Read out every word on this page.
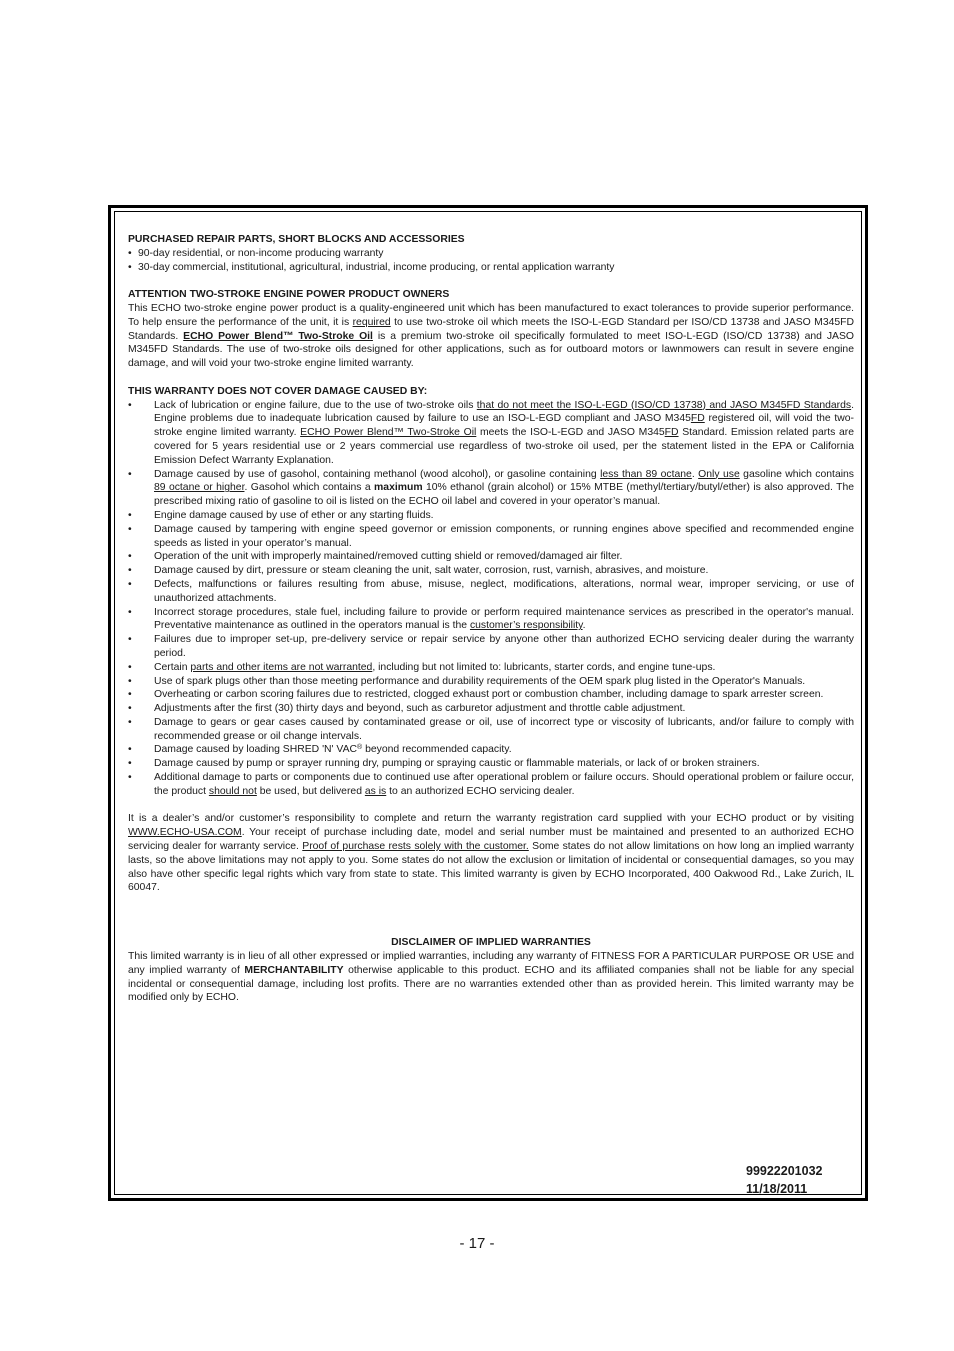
PURCHASED REPAIR PARTS, SHORT BLOCKS AND ACCESSORIES

• 90-day residential, or non-income producing warranty
• 30-day commercial, institutional, agricultural, industrial, income producing, or rental application warranty

ATTENTION TWO-STROKE ENGINE POWER PRODUCT OWNERS

This ECHO two-stroke engine power product is a quality-engineered unit which has been manufactured to exact tolerances to provide superior performance. To help ensure the performance of the unit, it is required to use two-stroke oil which meets the ISO-L-EGD Standard per ISO/CD 13738 and JASO M345FD Standards. ECHO Power Blend™ Two-Stroke Oil is a premium two-stroke oil specifically formulated to meet ISO-L-EGD (ISO/CD 13738) and JASO M345FD Standards. The use of two-stroke oils designed for other applications, such as for outboard motors or lawnmowers can result in severe engine damage, and will void your two-stroke engine limited warranty.

THIS WARRANTY DOES NOT COVER DAMAGE CAUSED BY:

• Lack of lubrication or engine failure, due to the use of two-stroke oils that do not meet the ISO-L-EGD (ISO/CD 13738) and JASO M345FD Standards. Engine problems due to inadequate lubrication caused by failure to use an ISO-L-EGD compliant and JASO M345FD registered oil, will void the two-stroke engine limited warranty. ECHO Power Blend™ Two-Stroke Oil meets the ISO-L-EGD and JASO M345FD Standard. Emission related parts are covered for 5 years residential use or 2 years commercial use regardless of two-stroke oil used, per the statement listed in the EPA or California Emission Defect Warranty Explanation.
• Damage caused by use of gasohol, containing methanol (wood alcohol), or gasoline containing less than 89 octane. Only use gasoline which contains 89 octane or higher. Gasohol which contains a maximum 10% ethanol (grain alcohol) or 15% MTBE (methyl/tertiary/butyl/ether) is also approved. The prescribed mixing ratio of gasoline to oil is listed on the ECHO oil label and covered in your operator’s manual.
• Engine damage caused by use of ether or any starting fluids.
• Damage caused by tampering with engine speed governor or emission components, or running engines above specified and recommended engine speeds as listed in your operator’s manual.
• Operation of the unit with improperly maintained/removed cutting shield or removed/damaged air filter.
• Damage caused by dirt, pressure or steam cleaning the unit, salt water, corrosion, rust, varnish, abrasives, and moisture.
• Defects, malfunctions or failures resulting from abuse, misuse, neglect, modifications, alterations, normal wear, improper servicing, or use of unauthorized attachments.
• Incorrect storage procedures, stale fuel, including failure to provide or perform required maintenance services as prescribed in the operator's manual. Preventative maintenance as outlined in the operators manual is the customer’s responsibility.
• Failures due to improper set-up, pre-delivery service or repair service by anyone other than authorized ECHO servicing dealer during the warranty period.
• Certain parts and other items are not warranted, including but not limited to: lubricants, starter cords, and engine tune-ups.
• Use of spark plugs other than those meeting performance and durability requirements of the OEM spark plug listed in the Operator's Manuals.
• Overheating or carbon scoring failures due to restricted, clogged exhaust port or combustion chamber, including damage to spark arrester screen.
• Adjustments after the first (30) thirty days and beyond, such as carburetor adjustment and throttle cable adjustment.
• Damage to gears or gear cases caused by contaminated grease or oil, use of incorrect type or viscosity of lubricants, and/or failure to comply with recommended grease or oil change intervals.
• Damage caused by loading SHRED 'N' VAC® beyond recommended capacity.
• Damage caused by pump or sprayer running dry, pumping or spraying caustic or flammable materials, or lack of or broken strainers.
• Additional damage to parts or components due to continued use after operational problem or failure occurs. Should operational problem or failure occur, the product should not be used, but delivered as is to an authorized ECHO servicing dealer.

It is a dealer’s and/or customer’s responsibility to complete and return the warranty registration card supplied with your ECHO product or by visiting WWW.ECHO-USA.COM. Your receipt of purchase including date, model and serial number must be maintained and presented to an authorized ECHO servicing dealer for warranty service. Proof of purchase rests solely with the customer. Some states do not allow limitations on how long an implied warranty lasts, so the above limitations may not apply to you. Some states do not allow the exclusion or limitation of incidental or consequential damages, so you may also have other specific legal rights which vary from state to state. This limited warranty is given by ECHO Incorporated, 400 Oakwood Rd., Lake Zurich, IL 60047.

DISCLAIMER OF IMPLIED WARRANTIES

This limited warranty is in lieu of all other expressed or implied warranties, including any warranty of FITNESS FOR A PARTICULAR PURPOSE OR USE and any implied warranty of MERCHANTABILITY otherwise applicable to this product. ECHO and its affiliated companies shall not be liable for any special incidental or consequential damage, including lost profits. There are no warranties extended other than as provided herein. This limited warranty may be modified only by ECHO.

99922201032
11/18/2011
- 17 -
